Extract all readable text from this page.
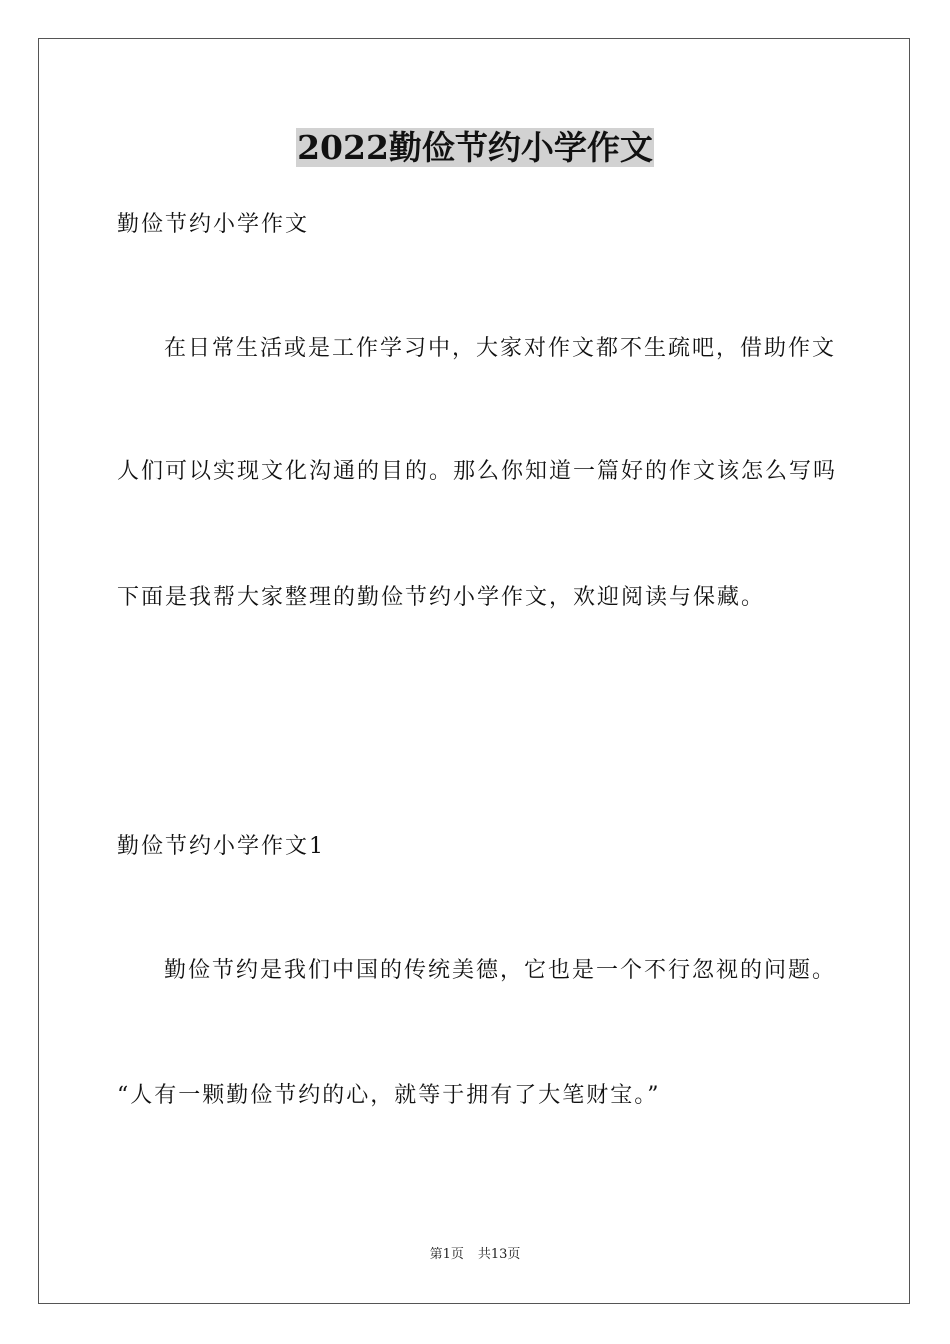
2022勤俭节约小学作文

勤俭节约小学作文

在日常生活或是工作学习中，大家对作文都不生疏吧，借助作文

人们可以实现文化沟通的目的。那么你知道一篇好的作文该怎么写吗

下面是我帮大家整理的勤俭节约小学作文，欢迎阅读与保藏。

勤俭节约小学作文1

勤俭节约是我们中国的传统美德，它也是一个不行忽视的问题。

“人有一颗勤俭节约的心，就等于拥有了大笔财宝。”

第1页 共13页
